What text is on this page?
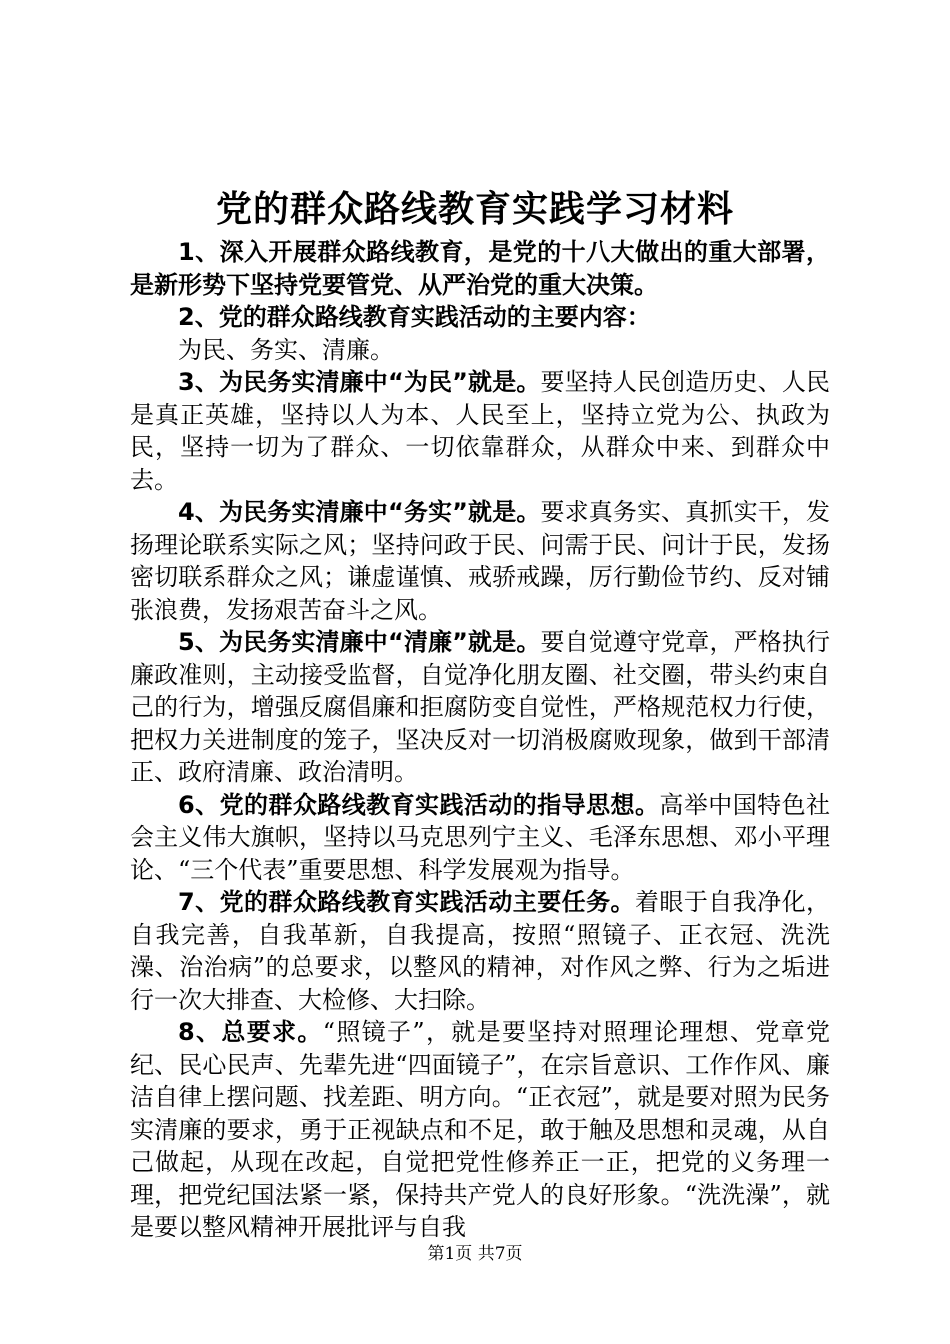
党的群众路线教育实践学习材料

1、深入开展群众路线教育，是党的十八大做出的重大部署，是新形势下坚持党要管党、从严治党的重大决策。

2、党的群众路线教育实践活动的主要内容：

为民、务实、清廉。

3、为民务实清廉中“为民”就是。要坚持人民创造历史、人民是真正英雄，坚持以人为本、人民至上，坚持立党为公、执政为民，坚持一切为了群众、一切依靠群众，从群众中来、到群众中去。

4、为民务实清廉中“务实”就是。要求真务实、真抓实干，发扬理论联系实际之风；坚持问政于民、问需于民、问计于民，发扬密切联系群众之风；谦虚谨慎、戒骄戒躁，厉行勤俭节约、反对铺张浪费，发扬艰苦奋斗之风。

5、为民务实清廉中“清廉”就是。要自觉遵守党章，严格执行廉政准则，主动接受监督，自觉净化朋友圈、社交圈，带头约束自己的行为，增强反腐倡廉和拒腐防变自觉性，严格规范权力行使，把权力关进制度的笼子，坚决反对一切消极腐败现象，做到干部清正、政府清廉、政治清明。

6、党的群众路线教育实践活动的指导思想。高举中国特色社会主义伟大旗帜，坚持以马克思列宁主义、毛泽东思想、邓小平理论、“三个代表”重要思想、科学发展观为指导。

7、党的群众路线教育实践活动主要任务。着眼于自我净化，自我完善，自我革新，自我提高，按照“照镜子、正衣冠、洗洗澡、治治病”的总要求，以整风的精神，对作风之弊、行为之垢进行一次大排查、大检修、大扫除。

8、总要求。“照镜子”，就是要坚持对照理论理想、党章党纪、民心民声、先辈先进“四面镜子”，在宗旨意识、工作作风、廉洁自律上摆问题、找差距、明方向。“正衣冠”，就是要对照为民务实清廉的要求，勇于正视缺点和不足，敢于触及思想和灵魂，从自己做起，从现在改起，自觉把党性修养正一正，把党的义务理一理，把党纪国法紧一紧，保持共产党人的良好形象。“洗洗澡”，就是要以整风精神开展批评与自我

第1页 共7页
